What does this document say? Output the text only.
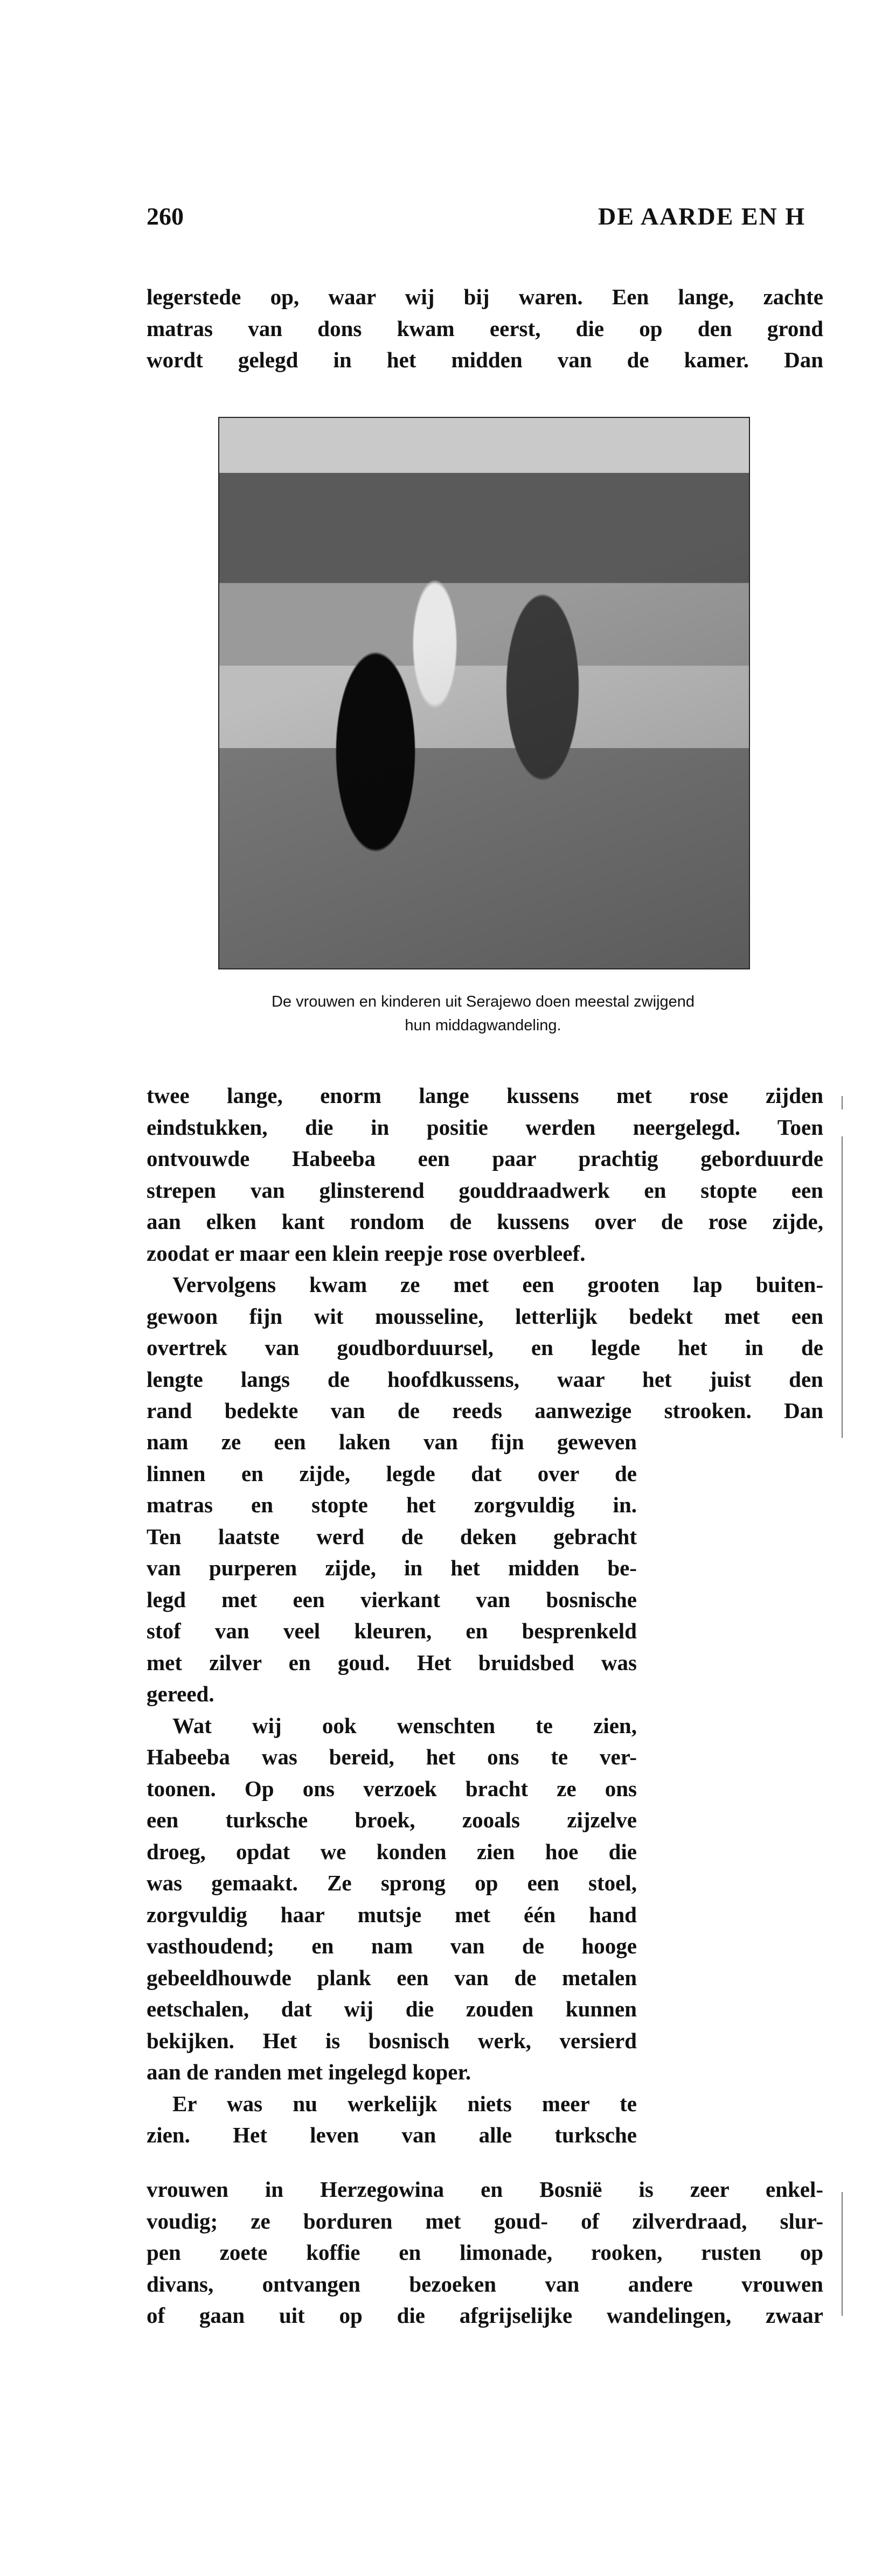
260	DE AARDE EN H
legerstede op, waar wij bij waren. Een lange, zachte
matras van dons kwam eerst, die op den grond
wordt gelegd in het midden van de kamer. Dan
De vrouwen en kinderen uit Serajewo doen meestal zwijgend
hun middagwandeling.
twee lange, enorm lange kussens met rose zijden
eindstukken, die in positie werden neergelegd. Toen
ontvouwde Habeeba een paar prachtig geborduurde
strepen van glinsterend gouddraadwerk en stopte een
aan elken kant rondom de kussens over de rose zijde,
zoodat er maar een klein reepje rose overbleef.
Vervolgens kwam ze met een grooten lap buiten-
gewoon fijn wit mousseline, letterlijk bedekt met een
overtrek van goudborduursel, en legde het in de
lengte langs de hoofdkussens, waar het juist den
rand bedekte van de reeds aanwezige strooken. Dan
nam ze een laken van fijn geweven
linnen en zijde, legde dat over de
matras en stopte het zorgvuldig in.
Ten laatste werd de deken gebracht
van purperen zijde, in het midden be-
legd met een vierkant van bosnische
stof van veel kleuren, en besprenkeld
met zilver en goud. Het bruidsbed was
gereed.
Wat wij ook wenschten te zien,
Habeeba was bereid, het ons te ver-
toonen. Op ons verzoek bracht ze ons
een turksche broek, zooals zijzelve
droeg, opdat we konden zien hoe die
was gemaakt. Ze sprong op een stoel,
zorgvuldig haar mutsje met één hand
vasthoudend; en nam van de hooge
gebeeldhouwde plank een van de metalen
eetschalen, dat wij die zouden kunnen
bekijken. Het is bosnisch werk, versierd
aan de randen met ingelegd koper.
Er was nu werkelijk niets meer te
zien. Het leven van alle turksche
vrouwen in Herzegowina en Bosnië is zeer enkel-
voudig; ze borduren met goud- of zilverdraad, slur-
pen zoete koffie en limonade, rooken, rusten op
divans, ontvangen bezoeken van andere vrouwen
of gaan uit op die afgrijselijke wandelingen, zwaar
